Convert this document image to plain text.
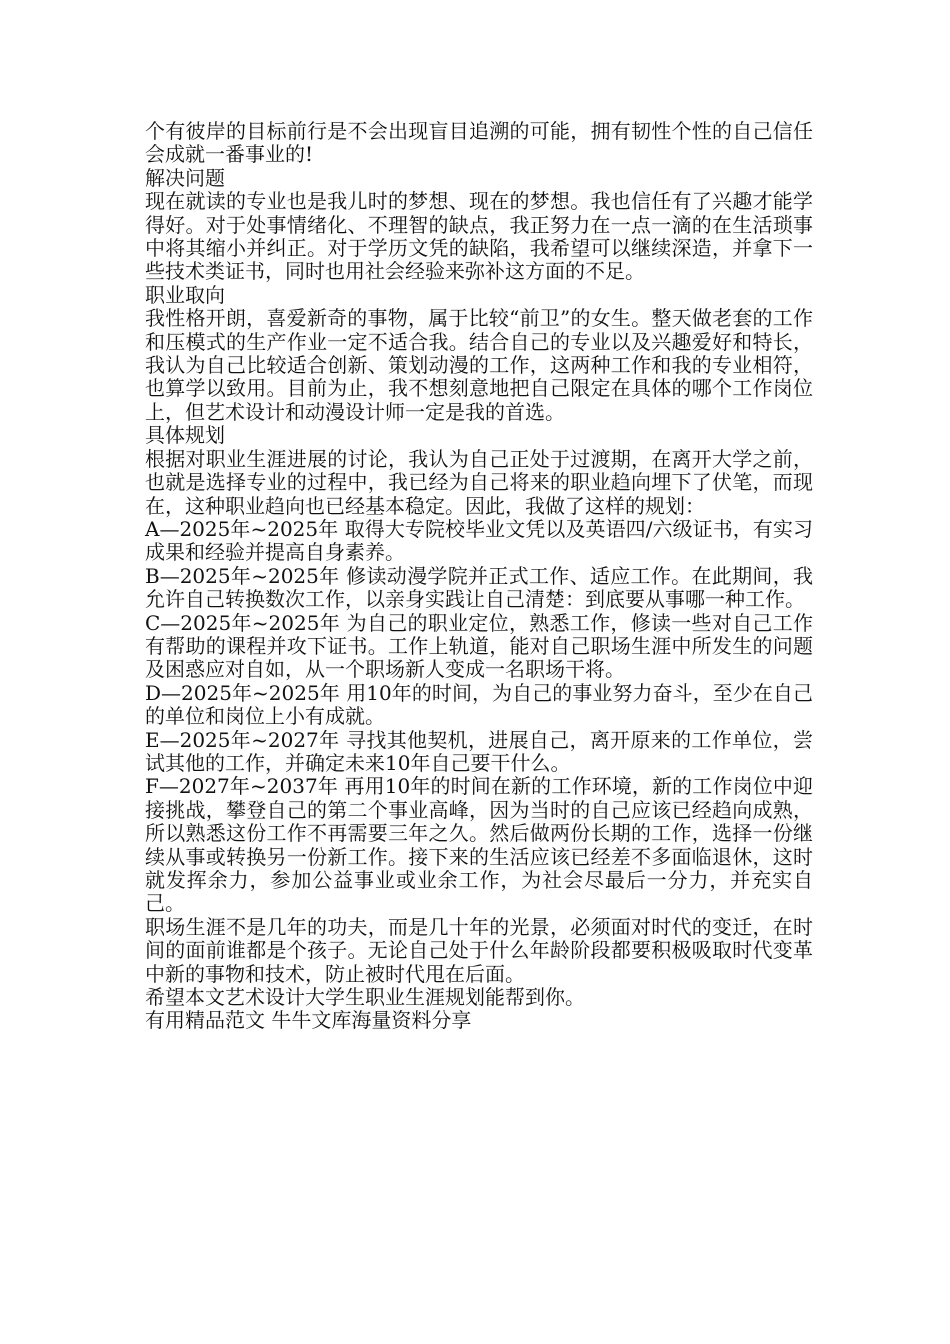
个有彼岸的目标前行是不会出现盲目追溯的可能，拥有韧性个性的自己信任会成就一番事业的!

解决问题

现在就读的专业也是我儿时的梦想、现在的梦想。我也信任有了兴趣才能学得好。对于处事情绪化、不理智的缺点，我正努力在一点一滴的在生活琐事中将其缩小并纠正。对于学历文凭的缺陷，我希望可以继续深造，并拿下一些技术类证书，同时也用社会经验来弥补这方面的不足。

职业取向

我性格开朗，喜爱新奇的事物，属于比较“前卫”的女生。整天做老套的工作和压模式的生产作业一定不适合我。结合自己的专业以及兴趣爱好和特长，我认为自己比较适合创新、策划动漫的工作，这两种工作和我的专业相符，也算学以致用。目前为止，我不想刻意地把自己限定在具体的哪个工作岗位上，但艺术设计和动漫设计师一定是我的首选。

具体规划

根据对职业生涯进展的讨论，我认为自己正处于过渡期，在离开大学之前，也就是选择专业的过程中，我已经为自己将来的职业趋向埋下了伏笔，而现在，这种职业趋向也已经基本稳定。因此，我做了这样的规划：

A—2025年~2025年 取得大专院校毕业文凭以及英语四/六级证书，有实习成果和经验并提高自身素养。

B—2025年~2025年 修读动漫学院并正式工作、适应工作。在此期间，我允许自己转换数次工作，以亲身实践让自己清楚：到底要从事哪一种工作。

C—2025年~2025年 为自己的职业定位，熟悉工作，修读一些对自己工作有帮助的课程并攻下证书。工作上轨道，能对自己职场生涯中所发生的问题及困惑应对自如，从一个职场新人变成一名职场干将。

D—2025年~2025年 用10年的时间，为自己的事业努力奋斗，至少在自己的单位和岗位上小有成就。

E—2025年~2027年 寻找其他契机，进展自己，离开原来的工作单位，尝试其他的工作，并确定未来10年自己要干什么。

F—2027年~2037年 再用10年的时间在新的工作环境，新的工作岗位中迎接挑战，攀登自己的第二个事业高峰，因为当时的自己应该已经趋向成熟，所以熟悉这份工作不再需要三年之久。然后做两份长期的工作，选择一份继续从事或转换另一份新工作。接下来的生活应该已经差不多面临退休，这时就发挥余力，参加公益事业或业余工作，为社会尽最后一分力，并充实自己。

职场生涯不是几年的功夫，而是几十年的光景，必须面对时代的变迁，在时间的面前谁都是个孩子。无论自己处于什么年龄阶段都要积极吸取时代变革中新的事物和技术，防止被时代甩在后面。

希望本文艺术设计大学生职业生涯规划能帮到你。

有用精品范文 牛牛文库海量资料分享
